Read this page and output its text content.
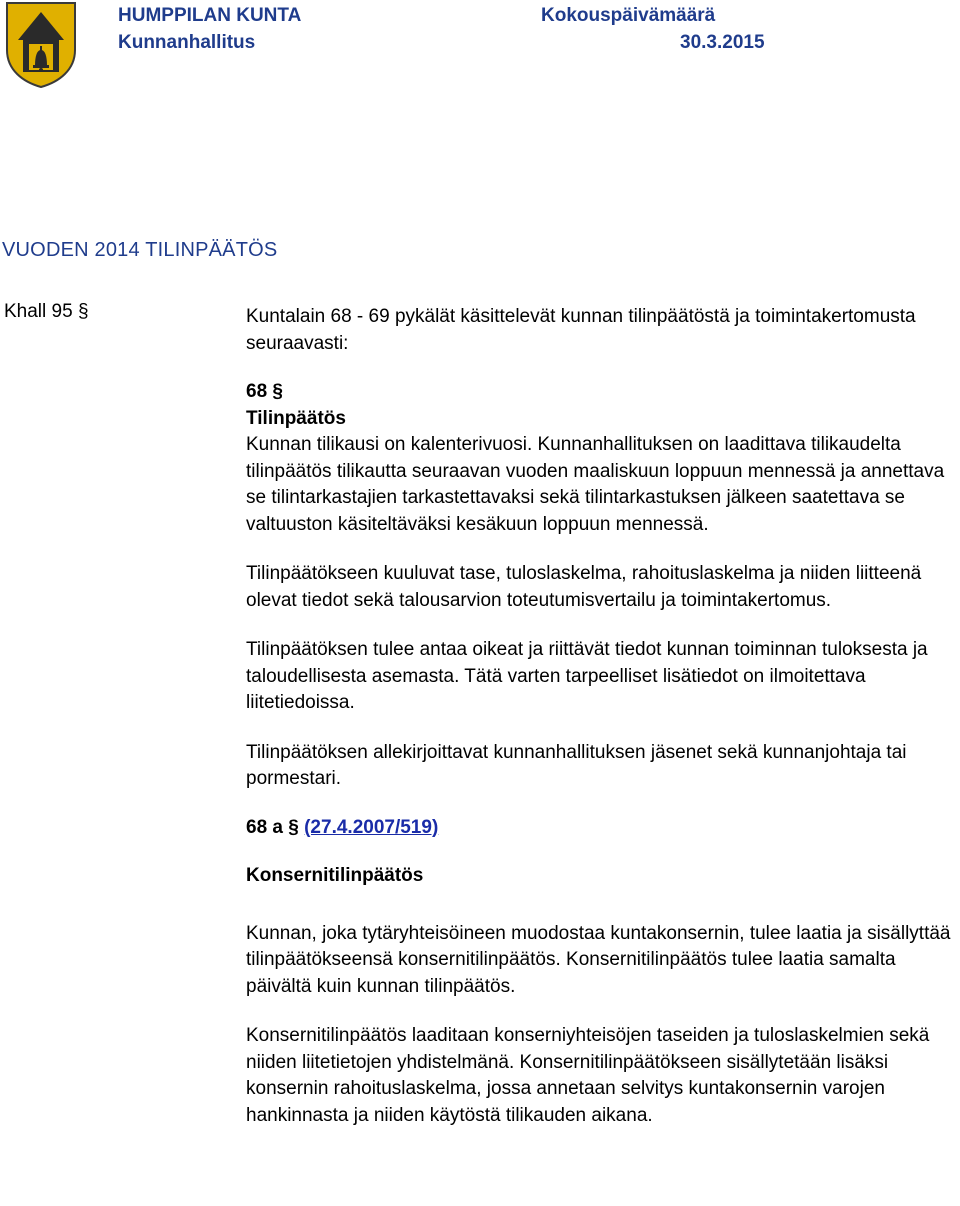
HUMPPILAN KUNTA
Kunnanhallitus
Kokouspäivämäärä
30.3.2015
VUODEN 2014 TILINPÄÄTÖS
Khall 95 §	Kuntalain 68 - 69 pykälät käsittelevät kunnan tilinpäätöstä ja toimintakertomusta seuraavasti:

68 §

Tilinpäätös

Kunnan tilikausi on kalenterivuosi. Kunnanhallituksen on laadittava tilikaudelta tilinpäätös tilikautta seuraavan vuoden maaliskuun loppuun mennessä ja annettava se tilintarkastajien tarkastettavaksi sekä tilintarkastuksen jälkeen saatettava se valtuuston käsiteltäväksi kesäkuun loppuun mennessä.

Tilinpäätökseen kuuluvat tase, tuloslaskelma, rahoituslaskelma ja niiden liitteenä olevat tiedot sekä talousarvion toteutumisvertailu ja toimintakertomus.

Tilinpäätöksen tulee antaa oikeat ja riittävät tiedot kunnan toiminnan tuloksesta ja taloudellisesta asemasta. Tätä varten tarpeelliset lisätiedot on ilmoitettava liitetiedoissa.

Tilinpäätöksen allekirjoittavat kunnanhallituksen jäsenet sekä kunnanjohtaja tai pormestari.

68 a § (27.4.2007/519)

Konsernitilinpäätös

Kunnan, joka tytäryhteisöineen muodostaa kuntakonsernin, tulee laatia ja sisällyttää tilinpäätökseensä konsernitilinpäätös. Konsernitilinpäätös tulee laatia samalta päivältä kuin kunnan tilinpäätös.

Konsernitilinpäätös laaditaan konserniyhteisöjen taseiden ja tuloslaskelmien sekä niiden liitetietojen yhdistelmänä. Konsernitilinpäätökseen sisällytetään lisäksi konsernin rahoituslaskelma, jossa annetaan selvitys kuntakonsernin varojen hankinnasta ja niiden käytöstä tilikauden aikana.
